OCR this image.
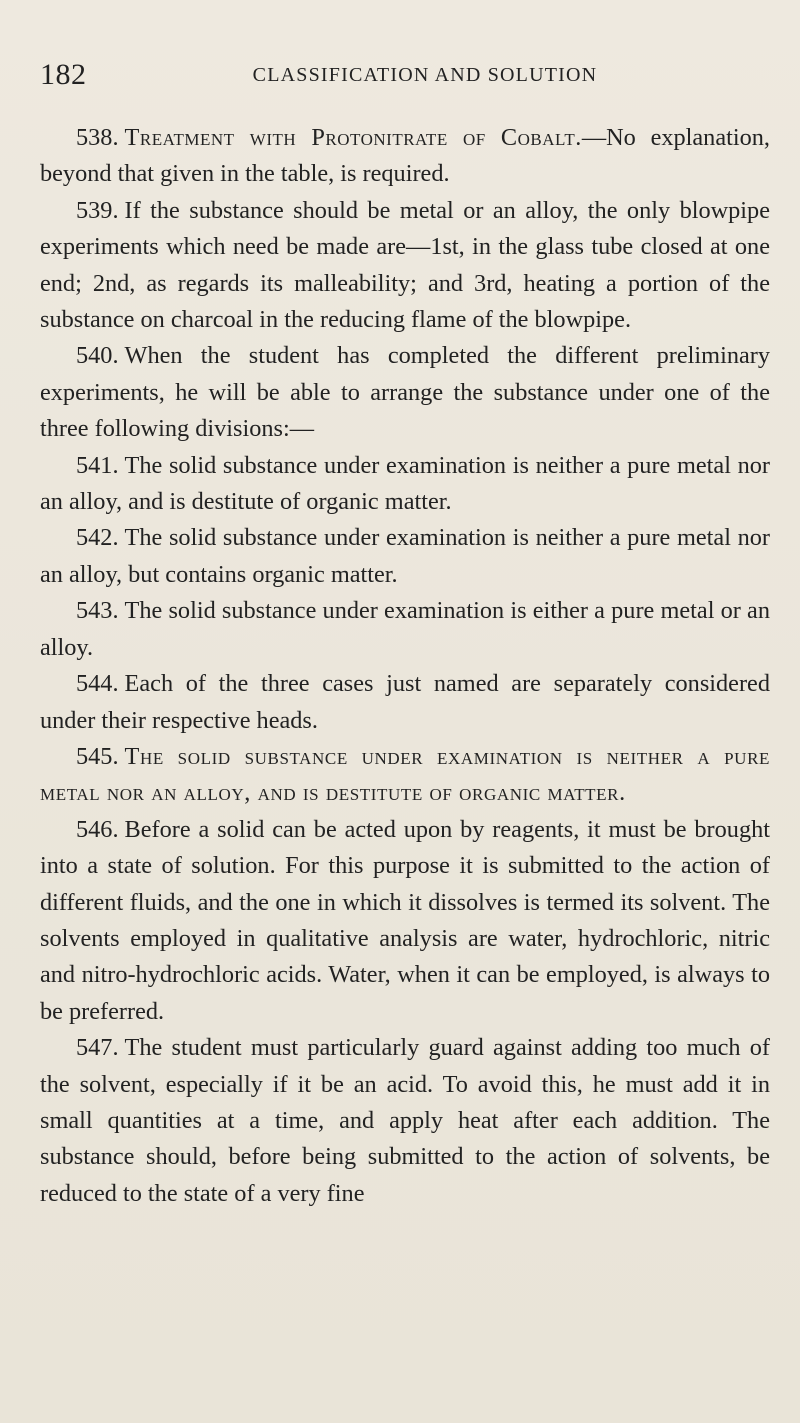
182	CLASSIFICATION AND SOLUTION

538. Treatment with Protonitrate of Cobalt.—No explanation, beyond that given in the table, is required.

539. If the substance should be metal or an alloy, the only blowpipe experiments which need be made are—1st, in the glass tube closed at one end; 2nd, as regards its malleability; and 3rd, heating a portion of the substance on charcoal in the reducing flame of the blowpipe.

540. When the student has completed the different preliminary experiments, he will be able to arrange the substance under one of the three following divisions:—

541. The solid substance under examination is neither a pure metal nor an alloy, and is destitute of organic matter.

542. The solid substance under examination is neither a pure metal nor an alloy, but contains organic matter.

543. The solid substance under examination is either a pure metal or an alloy.

544. Each of the three cases just named are separately considered under their respective heads.

545. The solid substance under examination is neither a pure metal nor an alloy, and is destitute of organic matter.

546. Before a solid can be acted upon by reagents, it must be brought into a state of solution. For this purpose it is submitted to the action of different fluids, and the one in which it dissolves is termed its solvent. The solvents employed in qualitative analysis are water, hydrochloric, nitric and nitro-hydrochloric acids. Water, when it can be employed, is always to be preferred.

547. The student must particularly guard against adding too much of the solvent, especially if it be an acid. To avoid this, he must add it in small quantities at a time, and apply heat after each addition. The substance should, before being submitted to the action of solvents, be reduced to the state of a very fine
